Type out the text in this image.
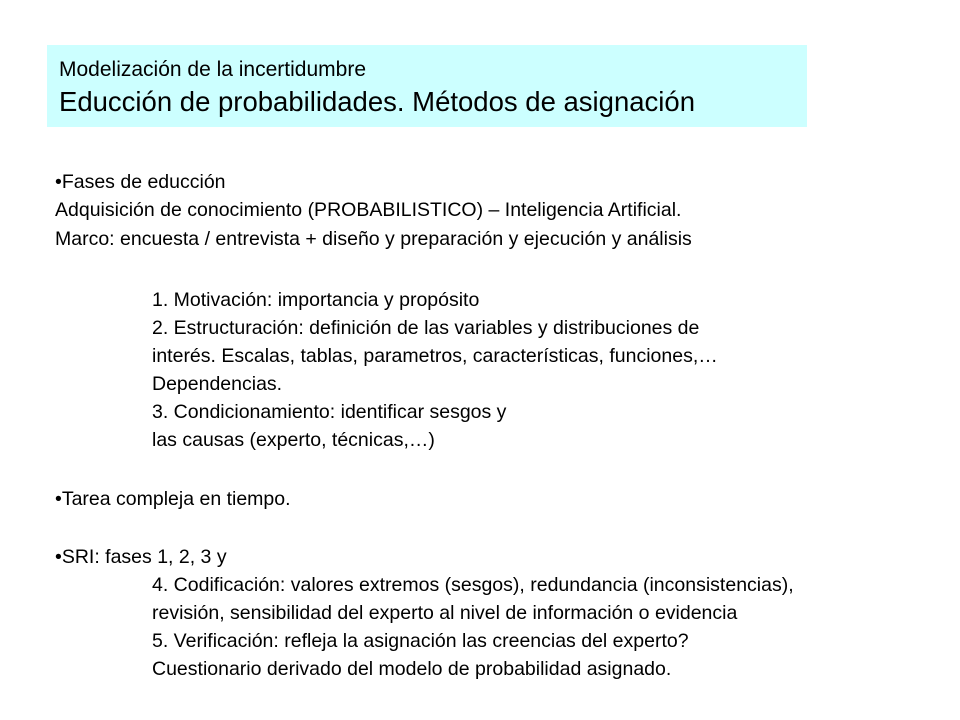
Modelización de la incertidumbre
Educción de probabilidades. Métodos de asignación
•Fases de educción
Adquisición de conocimiento (PROBABILISTICO) – Inteligencia Artificial.
Marco: encuesta / entrevista + diseño y preparación y ejecución y análisis
1. Motivación: importancia y propósito
2. Estructuración: definición de las variables y distribuciones de
interés. Escalas, tablas, parametros, características, funciones,…
Dependencias.
3. Condicionamiento: identificar sesgos y
las causas (experto, técnicas,…)
•Tarea compleja en tiempo.
•SRI: fases 1, 2, 3 y
4. Codificación: valores extremos (sesgos), redundancia (inconsistencias),
revisión, sensibilidad del experto al nivel de información o evidencia
5. Verificación: refleja la asignación las creencias del experto?
Cuestionario derivado del modelo de probabilidad asignado.
